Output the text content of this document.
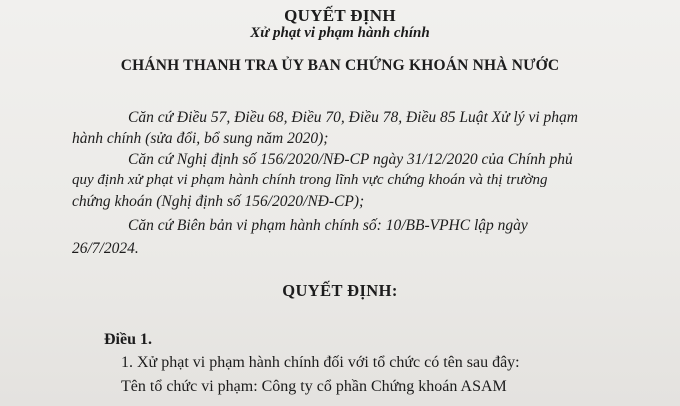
QUYẾT ĐỊNH

Xử phạt vi phạm hành chính

CHÁNH THANH TRA ỦY BAN CHỨNG KHOÁN NHÀ NƯỚC

Căn cứ Điều 57, Điều 68, Điều 70, Điều 78, Điều 85 Luật Xử lý vi phạm

hành chính (sửa đổi, bổ sung năm 2020);

Căn cứ Nghị định số 156/2020/NĐ-CP ngày 31/12/2020 của Chính phủ

quy định xử phạt vi phạm hành chính trong lĩnh vực chứng khoán và thị trường

chứng khoán (Nghị định số 156/2020/NĐ-CP);

Căn cứ Biên bản vi phạm hành chính số: 10/BB-VPHC lập ngày

26/7/2024.

QUYẾT ĐỊNH:

Điều 1.

1. Xử phạt vi phạm hành chính đối với tổ chức có tên sau đây:

Tên tổ chức vi phạm: Công ty cổ phần Chứng khoán ASAM
